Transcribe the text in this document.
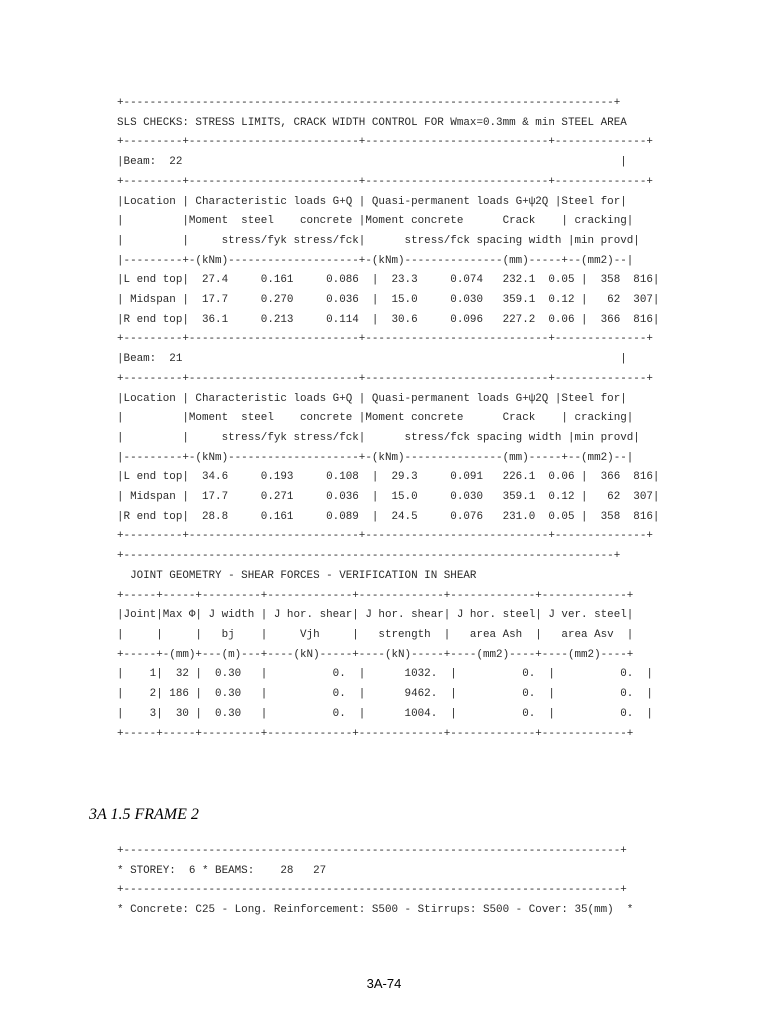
+---------------------------------------------------------------------------+
SLS CHECKS: STRESS LIMITS, CRACK WIDTH CONTROL FOR Wmax=0.3mm & min STEEL AREA
+---------+--------------------------+----------------------------+--------------+
|Beam:  22                                                                   |
+---------+--------------------------+----------------------------+--------------+
|Location | Characteristic loads G+Q | Quasi-permanent loads G+ψ2Q |Steel for|
|         |Moment  steel    concrete |Moment concrete      Crack    | cracking|
|         |     stress/fyk stress/fck|      stress/fck spacing width |min provd|
|---------+-(kNm)--------------------+-(kNm)---------------(mm)-----+--(mm2)--|
|L end top|  27.4     0.161     0.086  |  23.3     0.074   232.1  0.05 |  358  816|
| Midspan |  17.7     0.270     0.036  |  15.0     0.030   359.1  0.12 |   62  307|
|R end top|  36.1     0.213     0.114  |  30.6     0.096   227.2  0.06 |  366  816|
+---------+--------------------------+----------------------------+--------------+
|Beam:  21                                                                   |
+---------+--------------------------+----------------------------+--------------+
|Location | Characteristic loads G+Q | Quasi-permanent loads G+ψ2Q |Steel for|
|         |Moment  steel    concrete |Moment concrete      Crack    | cracking|
|         |     stress/fyk stress/fck|      stress/fck spacing width |min provd|
|---------+-(kNm)--------------------+-(kNm)---------------(mm)-----+--(mm2)--|
|L end top|  34.6     0.193     0.108  |  29.3     0.091   226.1  0.06 |  366  816|
| Midspan |  17.7     0.271     0.036  |  15.0     0.030   359.1  0.12 |   62  307|
|R end top|  28.8     0.161     0.089  |  24.5     0.076   231.0  0.05 |  358  816|
+---------+--------------------------+----------------------------+--------------+
+---------------------------------------------------------------------------+
JOINT GEOMETRY - SHEAR FORCES - VERIFICATION IN SHEAR
+-----+-----+---------+-------------+-------------+-------------+-------------+
|Joint|Max Φ| J width | J hor. shear| J hor. shear| J hor. steel| J ver. steel|
|     |     |   bj    |     Vjh     |   strength  |   area Ash  |   area Asv  |
+-----+-(mm)+---(m)---+----(kN)-----+----(kN)-----+----(mm2)----+----(mm2)----+
|    1|  32 |  0.30   |          0.  |      1032.  |          0.  |          0.  |
|    2| 186 |  0.30   |          0.  |      9462.  |          0.  |          0.  |
|    3|  30 |  0.30   |          0.  |      1004.  |          0.  |          0.  |
+-----+-----+---------+-------------+-------------+-------------+-------------+
3A 1.5 FRAME 2
+----------------------------------------------------------------------------+
* STOREY:  6 * BEAMS:    28   27
+----------------------------------------------------------------------------+
* Concrete: C25 - Long. Reinforcement: S500 - Stirrups: S500 - Cover: 35(mm)  *
3A-74
